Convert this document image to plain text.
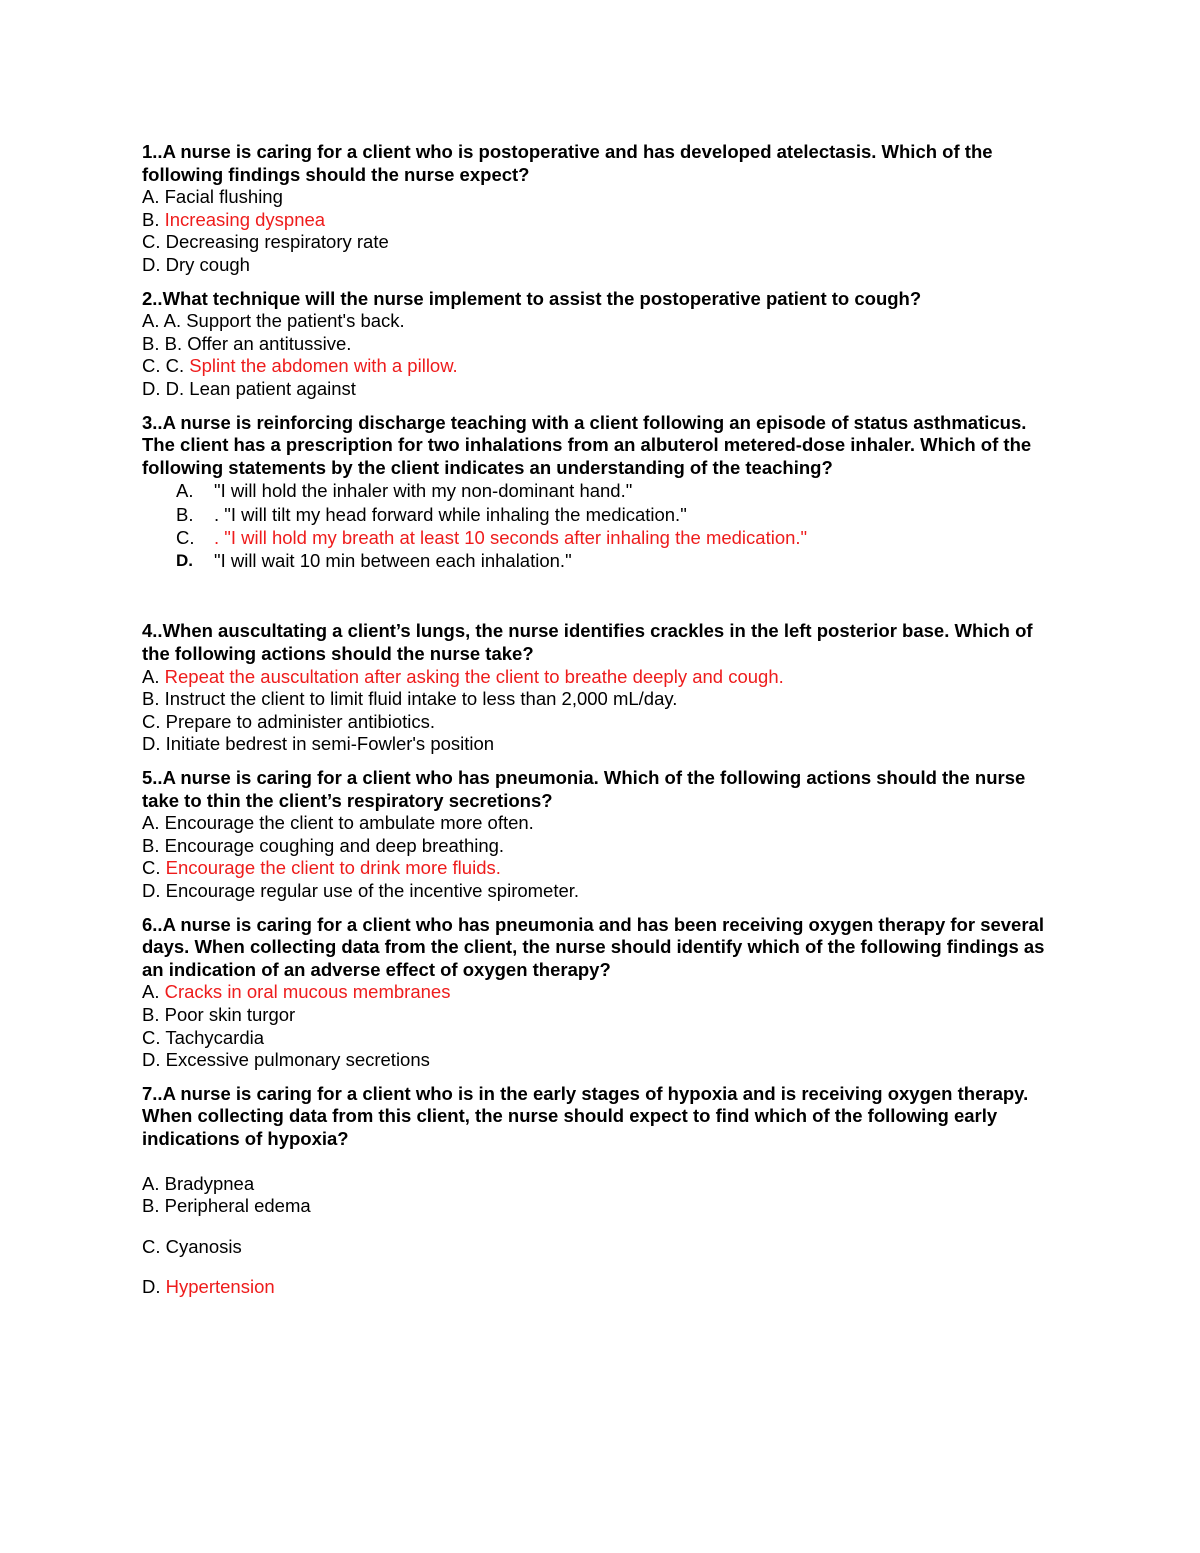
1..A nurse is caring for a client who is postoperative and has developed atelectasis. Which of the following findings should the nurse expect?

A. Facial flushing

B. Increasing dyspnea

C. Decreasing respiratory rate

D. Dry cough

2..What technique will the nurse implement to assist the postoperative patient to cough?

A. A. Support the patient's back.

B. B. Offer an antitussive.

C. C. Splint the abdomen with a pillow.

D. D. Lean patient against

3..A nurse is reinforcing discharge teaching with a client following an episode of status asthmaticus. The client has a prescription for two inhalations from an albuterol metered-dose inhaler. Which of the following statements by the client indicates an understanding of the teaching?

A.	"I will hold the inhaler with my non-dominant hand."
B.	. "I will tilt my head forward while inhaling the medication."
C.	. "I will hold my breath at least 10 seconds after inhaling the medication."
D.	"I will wait 10 min between each inhalation."

4..When auscultating a client’s lungs, the nurse identifies crackles in the left posterior base. Which of the following actions should the nurse take?

A. Repeat the auscultation after asking the client to breathe deeply and cough.

B. Instruct the client to limit fluid intake to less than 2,000 mL/day.

C. Prepare to administer antibiotics.

D. Initiate bedrest in semi-Fowler's position

5..A nurse is caring for a client who has pneumonia. Which of the following actions should the nurse take to thin the client’s respiratory secretions?

A. Encourage the client to ambulate more often.

B. Encourage coughing and deep breathing.

C. Encourage the client to drink more fluids.

D. Encourage regular use of the incentive spirometer.

6..A nurse is caring for a client who has pneumonia and has been receiving oxygen therapy for several days. When collecting data from the client, the nurse should identify which of the following findings as an indication of an adverse effect of oxygen therapy?

A. Cracks in oral mucous membranes

B. Poor skin turgor

C. Tachycardia

D. Excessive pulmonary secretions

7..A nurse is caring for a client who is in the early stages of hypoxia and is receiving oxygen therapy. When collecting data from this client, the nurse should expect to find which of the following early indications of hypoxia?

A. Bradypnea

B. Peripheral edema

C. Cyanosis

D. Hypertension
